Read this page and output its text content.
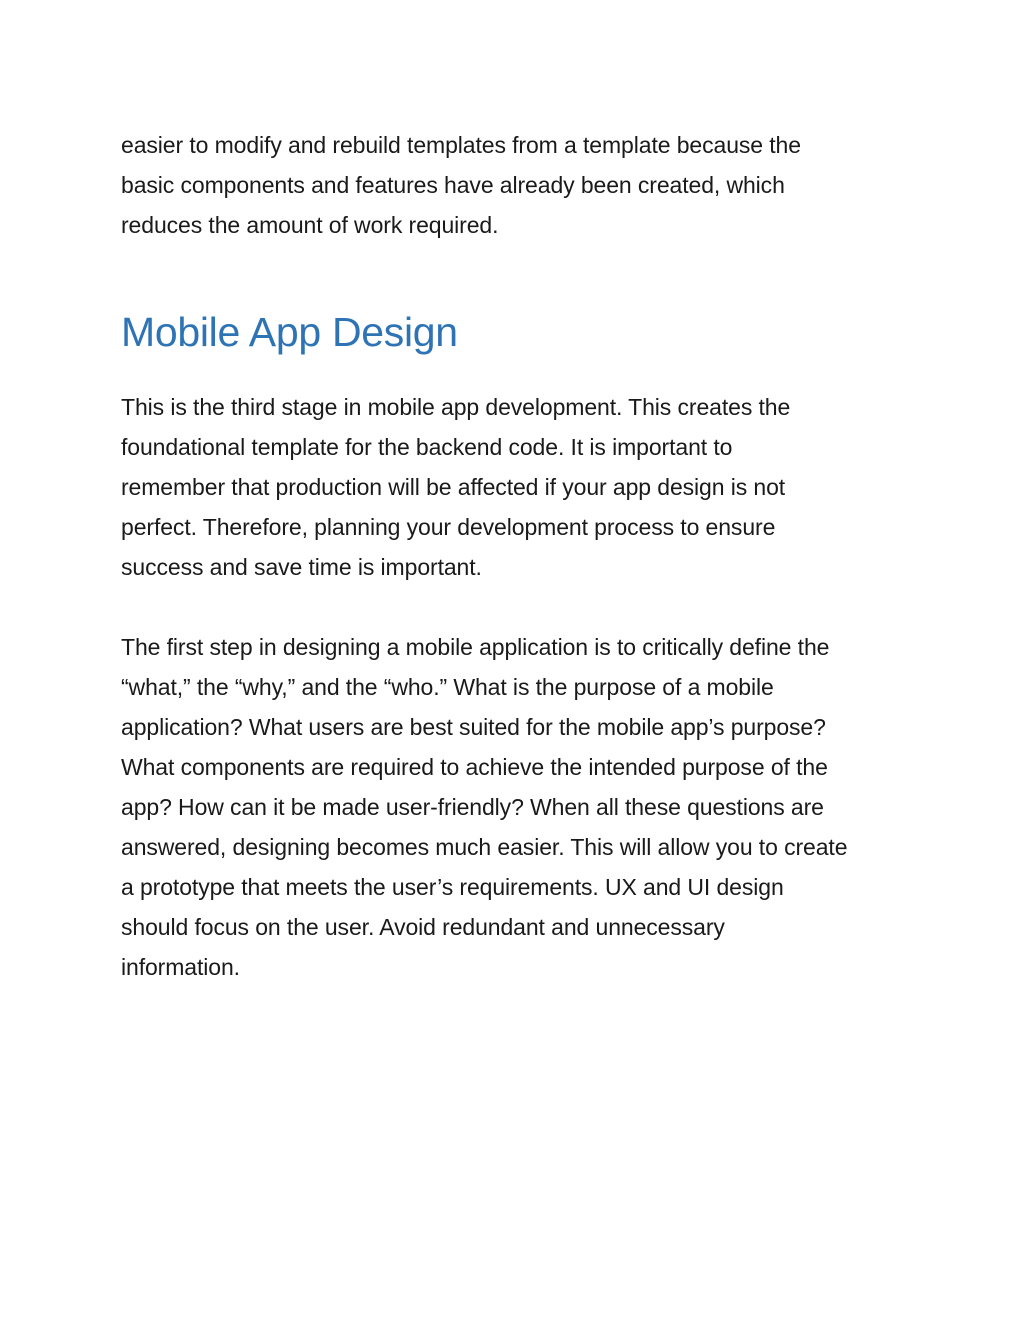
easier to modify and rebuild templates from a template because the
basic components and features have already been created, which
reduces the amount of work required.

Mobile App Design

This is the third stage in mobile app development. This creates the
foundational template for the backend code. It is important to
remember that production will be affected if your app design is not
perfect. Therefore, planning your development process to ensure
success and save time is important.

The first step in designing a mobile application is to critically define the
“what,” the “why,” and the “who.” What is the purpose of a mobile
application? What users are best suited for the mobile app’s purpose?
What components are required to achieve the intended purpose of the
app? How can it be made user-friendly? When all these questions are
answered, designing becomes much easier. This will allow you to create
a prototype that meets the user’s requirements. UX and UI design
should focus on the user. Avoid redundant and unnecessary
information.
